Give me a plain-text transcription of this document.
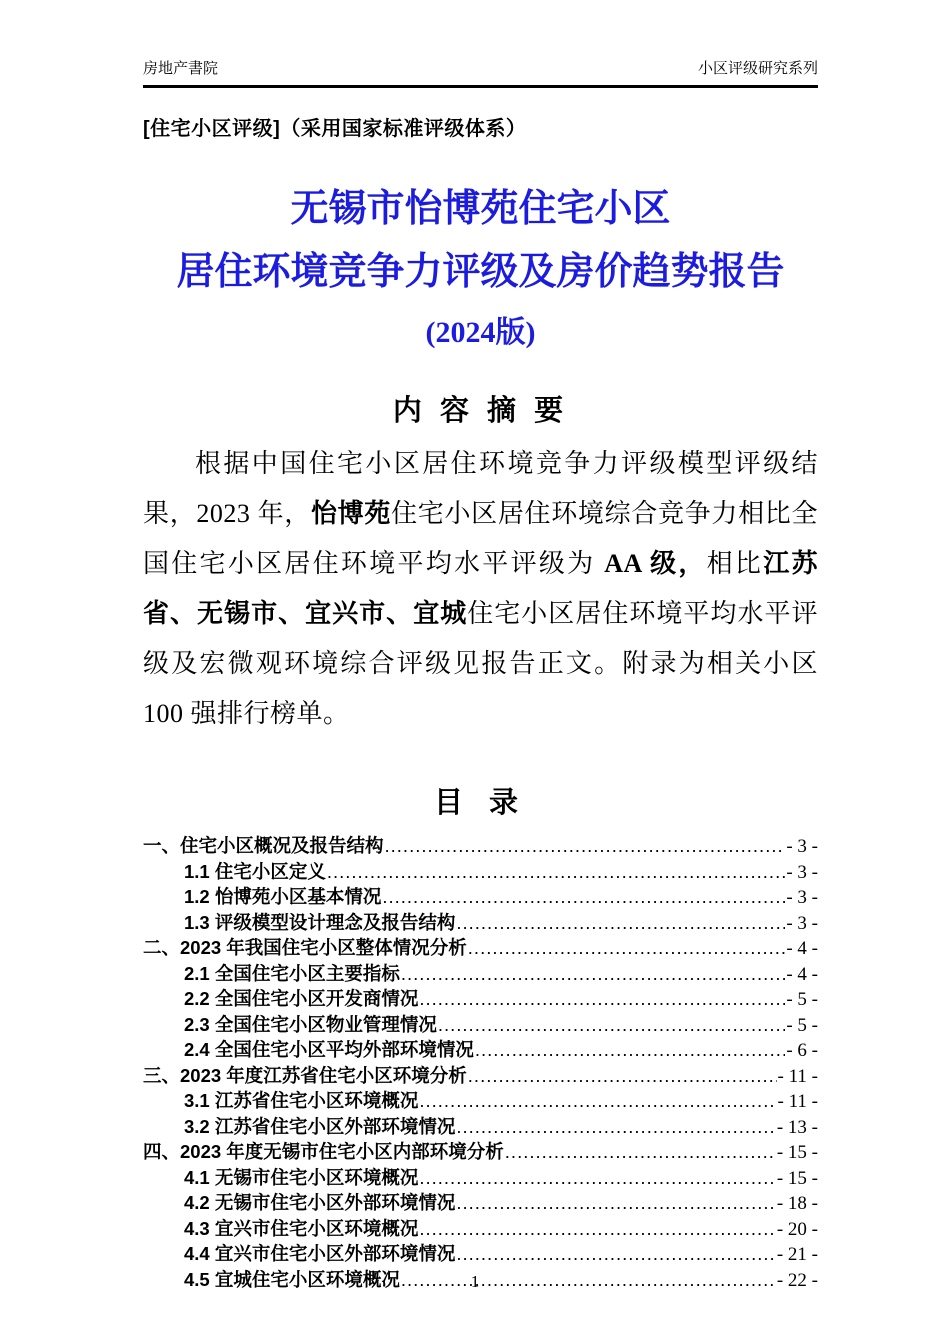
房地产書院	小区评级研究系列
[住宅小区评级]（采用国家标准评级体系）
无锡市怡博苑住宅小区
居住环境竞争力评级及房价趋势报告
(2024版)
内 容 摘 要

根据中国住宅小区居住环境竞争力评级模型评级结果，2023 年，怡博苑住宅小区居住环境综合竞争力相比全国住宅小区居住环境平均水平评级为 AA 级，相比江苏省、无锡市、宜兴市、宜城住宅小区居住环境平均水平评级及宏微观环境综合评级见报告正文。附录为相关小区 100 强排行榜单。

目 录
一、住宅小区概况及报告结构 .....	- 3 -
1.1 住宅小区定义 .....	- 3 -
1.2 怡博苑小区基本情况 .....	- 3 -
1.3 评级模型设计理念及报告结构 .....	- 3 -
二、2023 年我国住宅小区整体情况分析 .....	- 4 -
2.1 全国住宅小区主要指标 .....	- 4 -
2.2 全国住宅小区开发商情况 .....	- 5 -
2.3 全国住宅小区物业管理情况 .....	- 5 -
2.4 全国住宅小区平均外部环境情况 .....	- 6 -
三、2023 年度江苏省住宅小区环境分析 .....	- 11 -
3.1 江苏省住宅小区环境概况 .....	- 11 -
3.2 江苏省住宅小区外部环境情况 .....	- 13 -
四、2023 年度无锡市住宅小区内部环境分析 .....	- 15 -
4.1 无锡市住宅小区环境概况 .....	- 15 -
4.2 无锡市住宅小区外部环境情况 .....	- 18 -
4.3 宜兴市住宅小区环境概况 .....	- 20 -
4.4 宜兴市住宅小区外部环境情况 .....	- 21 -
4.5 宜城住宅小区环境概况 .....	- 22 -
1
